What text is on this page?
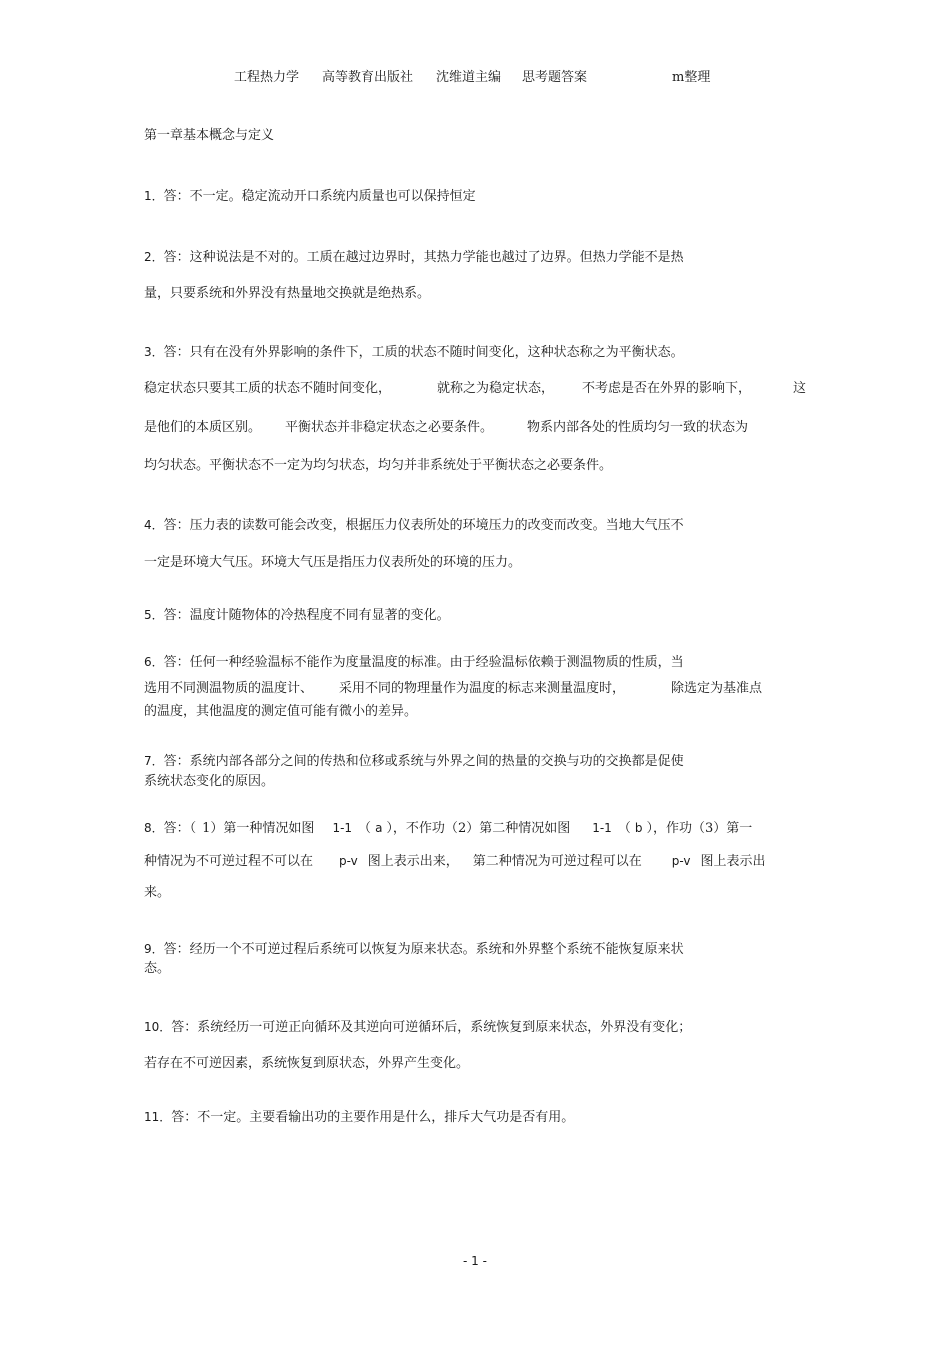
工程热力学 高等教育出版社 沈维道主编 思考题答案	m整理
第一章基本概念与定义
1．答：不一定。稳定流动开口系统内质量也可以保持恒定
2．答：这种说法是不对的。工质在越过边界时，其热力学能也越过了边界。但热力学能不是热
量，只要系统和外界没有热量地交换就是绝热系。
3．答：只有在没有外界影响的条件下，工质的状态不随时间变化，这种状态称之为平衡状态。
稳定状态只要其工质的状态不随时间变化，	就称之为稳定状态， 不考虑是否在外界的影响下，	这
是他们的本质区别。 平衡状态并非稳定状态之必要条件。	物系内部各处的性质均匀一致的状态为
均匀状态。平衡状态不一定为均匀状态，均匀并非系统处于平衡状态之必要条件。
4．答：压力表的读数可能会改变，根据压力仪表所处的环境压力的改变而改变。当地大气压不
一定是环境大气压。环境大气压是指压力仪表所处的环境的压力。
5．答：温度计随物体的冷热程度不同有显著的变化。
6．答：任何一种经验温标不能作为度量温度的标准。由于经验温标依赖于测温物质的性质，当
选用不同测温物质的温度计、 采用不同的物理量作为温度的标志来测量温度时，	除选定为基准点
的温度，其他温度的测定值可能有微小的差异。
7．答：系统内部各部分之间的传热和位移或系统与外界之间的热量的交换与功的交换都是促使
系统状态变化的原因。
8．答：（ 1）第一种情况如图 1-1 （ a ），不作功（2）第二种情况如图 1-1 （ b ），作功（3）第一
种情况为不可逆过程不可以在 p-v 图上表示出来， 第二种情况为可逆过程可以在	p-v 图上表示出
来。
9．答：经历一个不可逆过程后系统可以恢复为原来状态。系统和外界整个系统不能恢复原来状
态。
10．答：系统经历一可逆正向循环及其逆向可逆循环后，系统恢复到原来状态，外界没有变化；
若存在不可逆因素，系统恢复到原状态，外界产生变化。
11．答：不一定。主要看输出功的主要作用是什么，排斥大气功是否有用。
- 1 -
